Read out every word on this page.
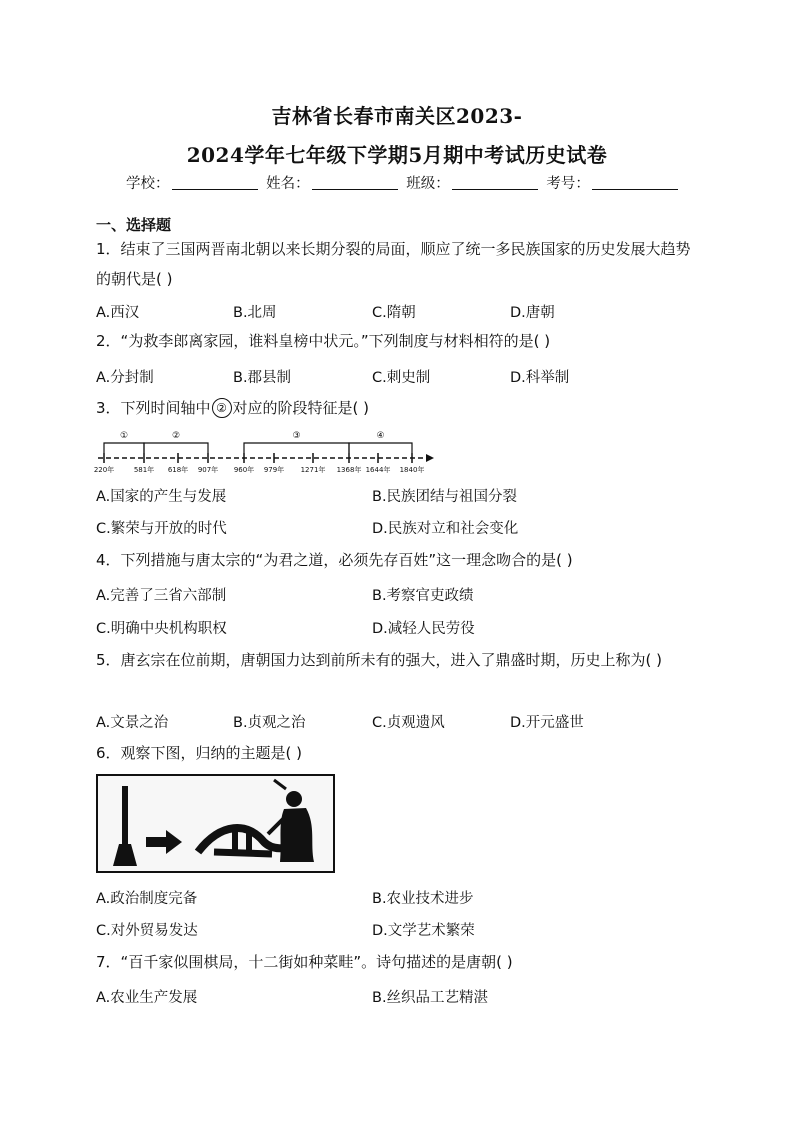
吉林省长春市南关区2023-
2024学年七年级下学期5月期中考试历史试卷
学校：	姓名：	班级：	考号：
一、选择题

1．结束了三国两晋南北朝以来长期分裂的局面，顺应了统一多民族国家的历史发展大趋势的朝代是( )

A.西汉	B.北周	C.隋朝	D.唐朝

2．“为救李郎离家园，谁料皇榜中状元。”下列制度与材料相符的是( )

A.分封制	B.郡县制	C.刺史制	D.科举制

3．下列时间轴中 ② 对应的阶段特征是( )

220年	581年 618年 907年 960年 979年 1271年 1368年 1644年 1840年
①	②	③	④
A.国家的产生与发展	B.民族团结与祖国分裂
C.繁荣与开放的时代	D.民族对立和社会变化

4．下列措施与唐太宗的“为君之道，必须先存百姓”这一理念吻合的是( )

A.完善了三省六部制	B.考察官吏政绩
C.明确中央机构职权	D.减轻人民劳役

5．唐玄宗在位前期，唐朝国力达到前所未有的强大，进入了鼎盛时期，历史上称为( )

A.文景之治	B.贞观之治	C.贞观遗风	D.开元盛世

6．观察下图，归纳的主题是( )

A.政治制度完备	B.农业技术进步
C.对外贸易发达	D.文学艺术繁荣

7．“百千家似围棋局，十二街如种菜畦”。诗句描述的是唐朝( )

A.农业生产发展	B.丝织品工艺精湛
